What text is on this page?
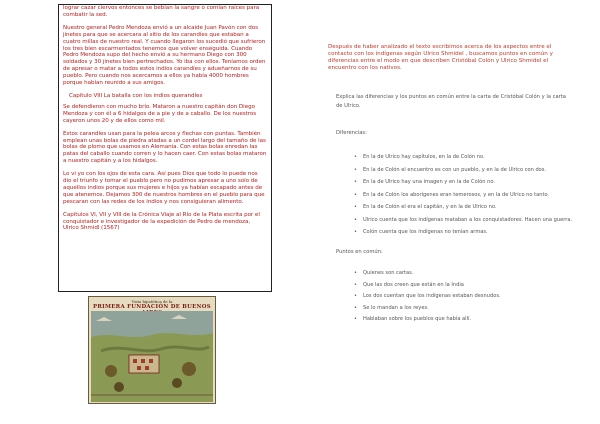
lograr cazar ciervos entonces se bebían la sangre o comían raíces para combatir la sed.

Nuestro general Pedro Mendoza envió a un alcaide Juan Pavón con dos jinetes para que se acercara al sitio de los carandíes que estaban a cuatro millas de nuestro real. Y cuando llegaron los sucedió que sufrieron los tres bien escarmentados tenemos que volver enseguida. Cuando Pedro Mendoza supo del hecho envió a su hermano Diego con 300 soldados y 30 jinetes bien pertrechados. Yo iba con ellos. Teníamos orden de apresar o matar a todos estos indios carandíes y adueñarnos de su pueblo. Pero cuando nos acercamos a ellos ya había 4000 hombres porque habían reunido a sus amigos.

Capítulo VIII La batalla con los indios querandíes

Se defendieron con mucho brío. Mataron a nuestro capitán don Diego Mendoza y con él a 6 hidalgos de a pie y de a caballo. De los nuestros cayeron unos 20 y de ellos como mil.

Estos carandíes usan para la pelea arcos y flechas con puntas. También emplean unas bolas de piedra atadas a un cordel largo del tamaño de las bolas de plomo que usamos en Alemania. Con estas bolas enredan las patas del caballo cuando corren y lo hacen caer. Con estas bolas mataron a nuestro capitán y a los hidalgos.

Lo vi yo con los ojos de esta cara. Así pues Dios que todo lo puede nos dio el triunfo y tomar el pueblo pero no pudimos apresar a uno solo de aquellos indios porque sus mujeres e hijos ya habían escapado antes de que atenemos. Dejamos 300 de nuestros hombres en el pueblo para que pescaran con las redes de los indios y nos consiguieran alimento.

Capítulos VI, VII y VIII de la Crónica Viaje al Río de la Plata escrita por el conquistador e investigador de la expedición de Pedro de mendoza, Ulrico Shmidl (1567)

Vista hipotética de la
PRIMERA FUNDACIÓN DE BUENOS
Después de haber analizado el texto escribimos acerca de los aspectos entre el contacto con los indígenas según Ulrico Shmidel , buscamos puntos en común y diferencias entre el modo en que describen Cristóbal Colón y Ulrico Shmidel el encuentro con los nativos.
Explica las diferencias y los puntos en común entre la carta de Cristóbal Colón y la carta de Ulrico.
Diferencias:
• En la de Ulrico hay capítulos, en la de Colón no.
• En la de Colón el encuentro es con un pueblo, y en la de Ulrico con dos.
• En la de Ulrico hay una imagen y en la de Colón no.
• En la de Colón los aborígenes eran temerosos, y en la de Ulrico no tanto.
• En la de Colón el era el capitán, y en la de Ulrico no.
• Ulrico cuenta que los indígenas mataban a los conquistadores. Hacen una guerra.
• Colón cuenta que los indígenas no tenían armas.
Puntos en común:
• Quienes son cartas.
• Que las dos creen que están en la India
• Los dos cuentan que los indígenas estaban desnudos.
• Se lo mandan a los reyes.
• Hablaban sobre los pueblos que había allí.
